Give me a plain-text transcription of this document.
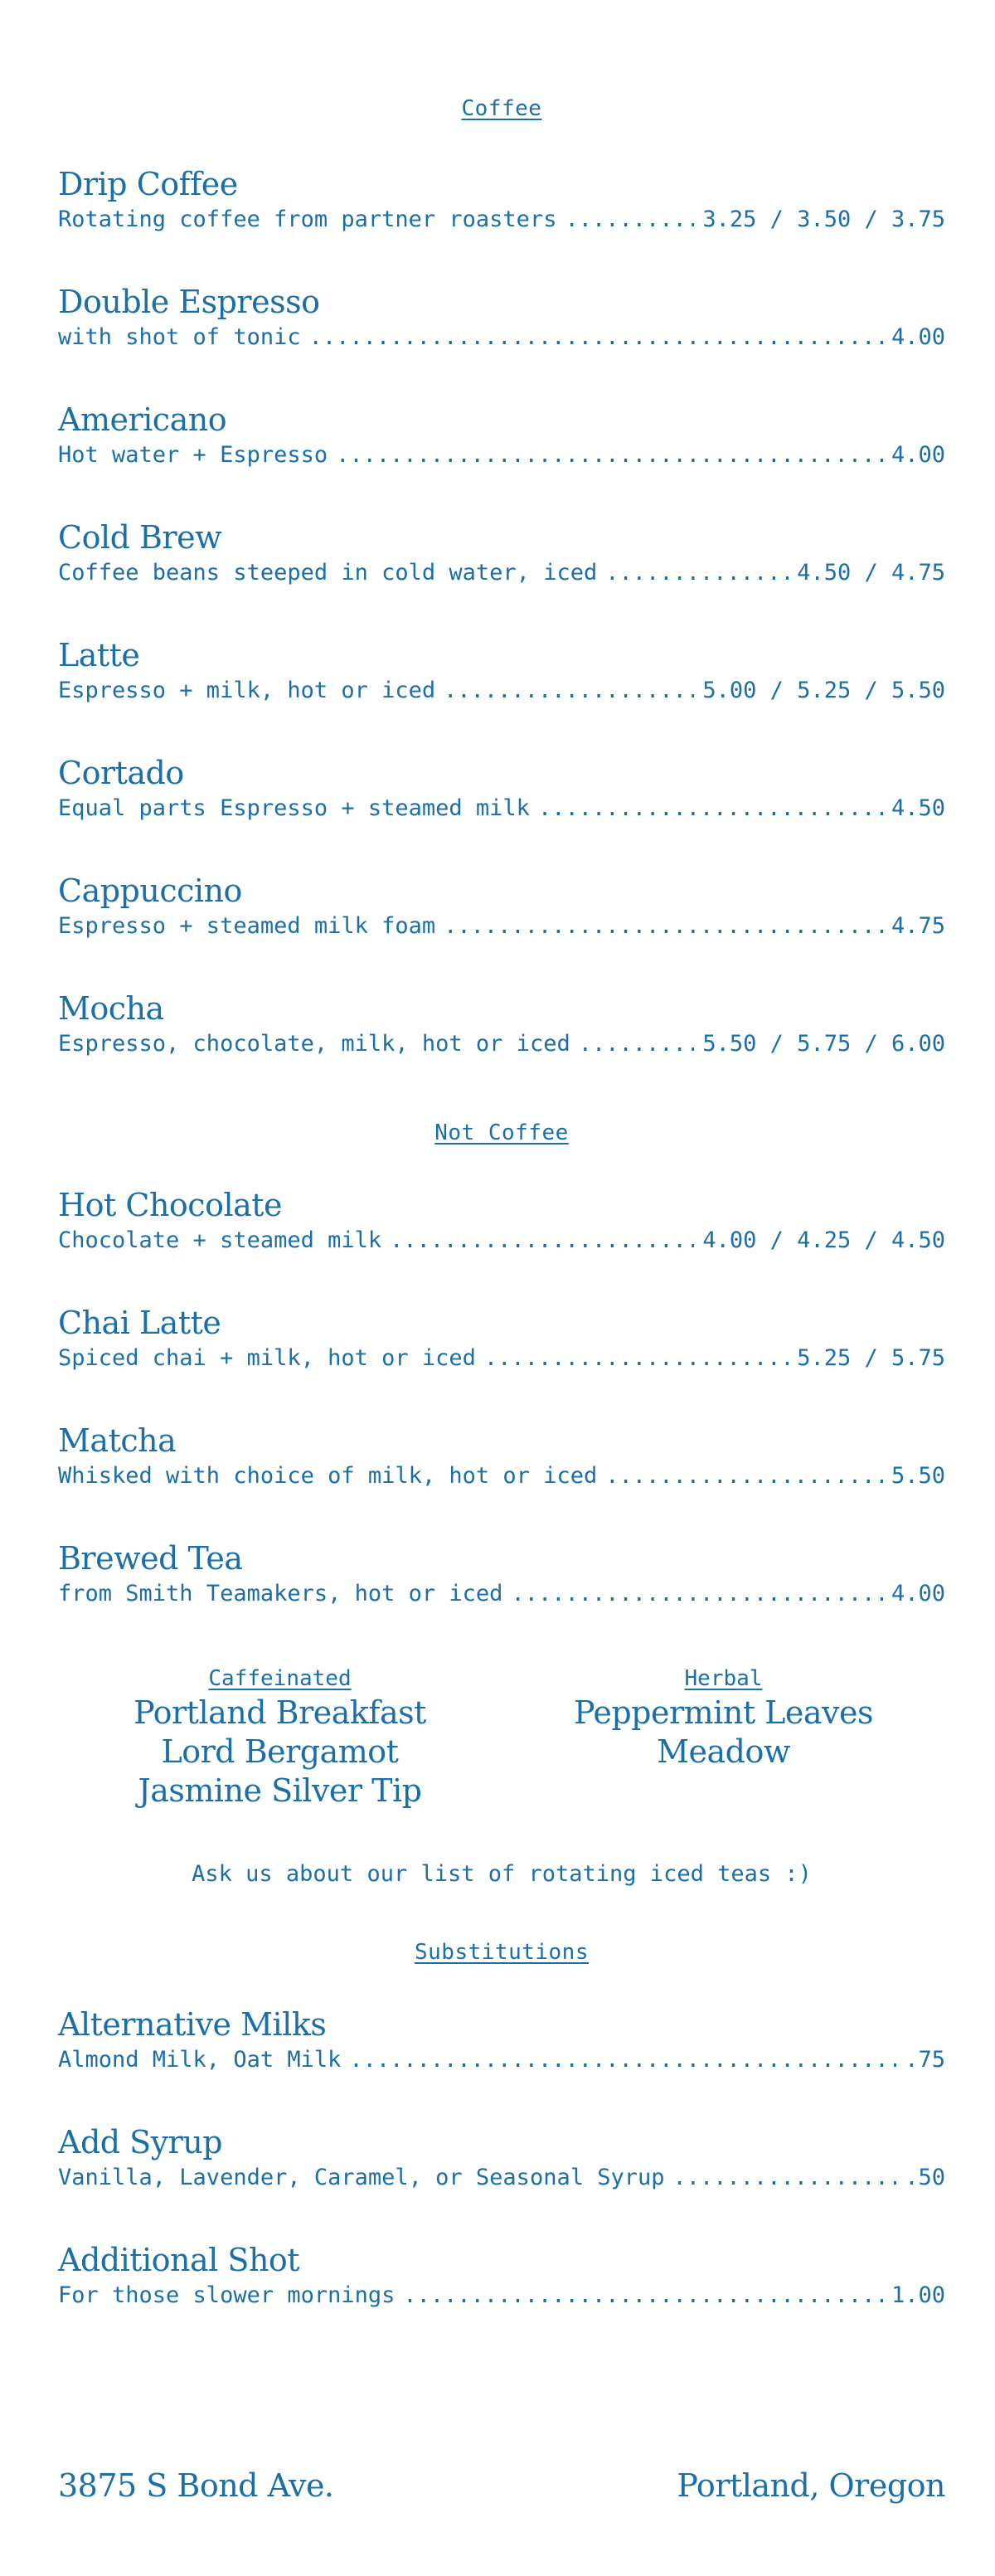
Coffee
Drip Coffee
Rotating coffee from partner roasters .....	3.25 / 3.50 / 3.75
Double Espresso
with shot of tonic .....	4.00
Americano
Hot water + Espresso .....	4.00
Cold Brew
Coffee beans steeped in cold water, iced .....	4.50 / 4.75
Latte
Espresso + milk, hot or iced .....	5.00 / 5.25 / 5.50
Cortado
Equal parts Espresso + steamed milk .....	4.50
Cappuccino
Espresso + steamed milk foam .....	4.75
Mocha
Espresso, chocolate, milk, hot or iced .....	5.50 / 5.75 / 6.00
Not Coffee
Hot Chocolate
Chocolate + steamed milk .....	4.00 / 4.25 / 4.50
Chai Latte
Spiced chai + milk, hot or iced .....	5.25 / 5.75
Matcha
Whisked with choice of milk, hot or iced .....	5.50
Brewed Tea
from Smith Teamakers, hot or iced .....	4.00
Caffeinated
Portland Breakfast
Lord Bergamot
Jasmine Silver Tip
Herbal
Peppermint Leaves
Meadow
Ask us about our list of rotating iced teas :)
Substitutions
Alternative Milks
Almond Milk, Oat Milk .....	.75
Add Syrup
Vanilla, Lavender, Caramel, or Seasonal Syrup .....	.50
Additional Shot
For those slower mornings .....	1.00
3875 S Bond Ave.	Portland, Oregon
